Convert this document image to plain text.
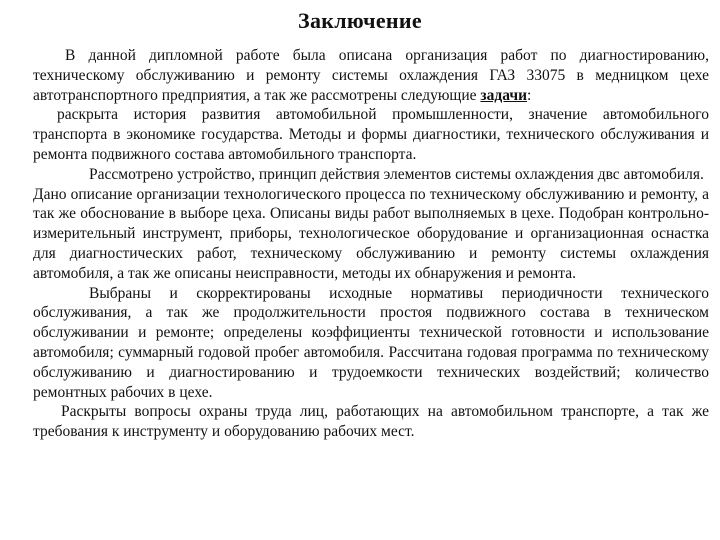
Заключение

В данной дипломной работе была описана организация работ по диагностированию, техническому обслуживанию и ремонту системы охлаждения ГАЗ 33075 в медницком цехе автотранспортного предприятия, а так же рассмотрены следующие задачи:

раскрыта история развития автомобильной промышленности, значение автомобильного транспорта в экономике государства. Методы и формы диагностики, технического обслуживания и ремонта подвижного состава автомобильного транспорта.

Рассмотрено устройство, принцип действия элементов системы охлаждения двс автомобиля.

Дано описание организации технологического процесса по техническому обслуживанию и ремонту, а так же обоснование в выборе цеха. Описаны виды работ выполняемых в цехе. Подобран контрольно-измерительный инструмент, приборы, технологическое оборудование и организационная оснастка для диагностических работ, техническому обслуживанию и ремонту системы охлаждения автомобиля, а так же описаны неисправности, методы их обнаружения и ремонта.

Выбраны и скорректированы исходные нормативы периодичности технического обслуживания, а так же продолжительности простоя подвижного состава в техническом обслуживании и ремонте; определены коэффициенты технической готовности и использование автомобиля; суммарный годовой пробег автомобиля. Рассчитана годовая программа по техническому обслуживанию и диагностированию и трудоемкости технических воздействий; количество ремонтных рабочих в цехе.

Раскрыты вопросы охраны труда лиц, работающих на автомобильном транспорте, а так же требования к инструменту и оборудованию рабочих мест.
